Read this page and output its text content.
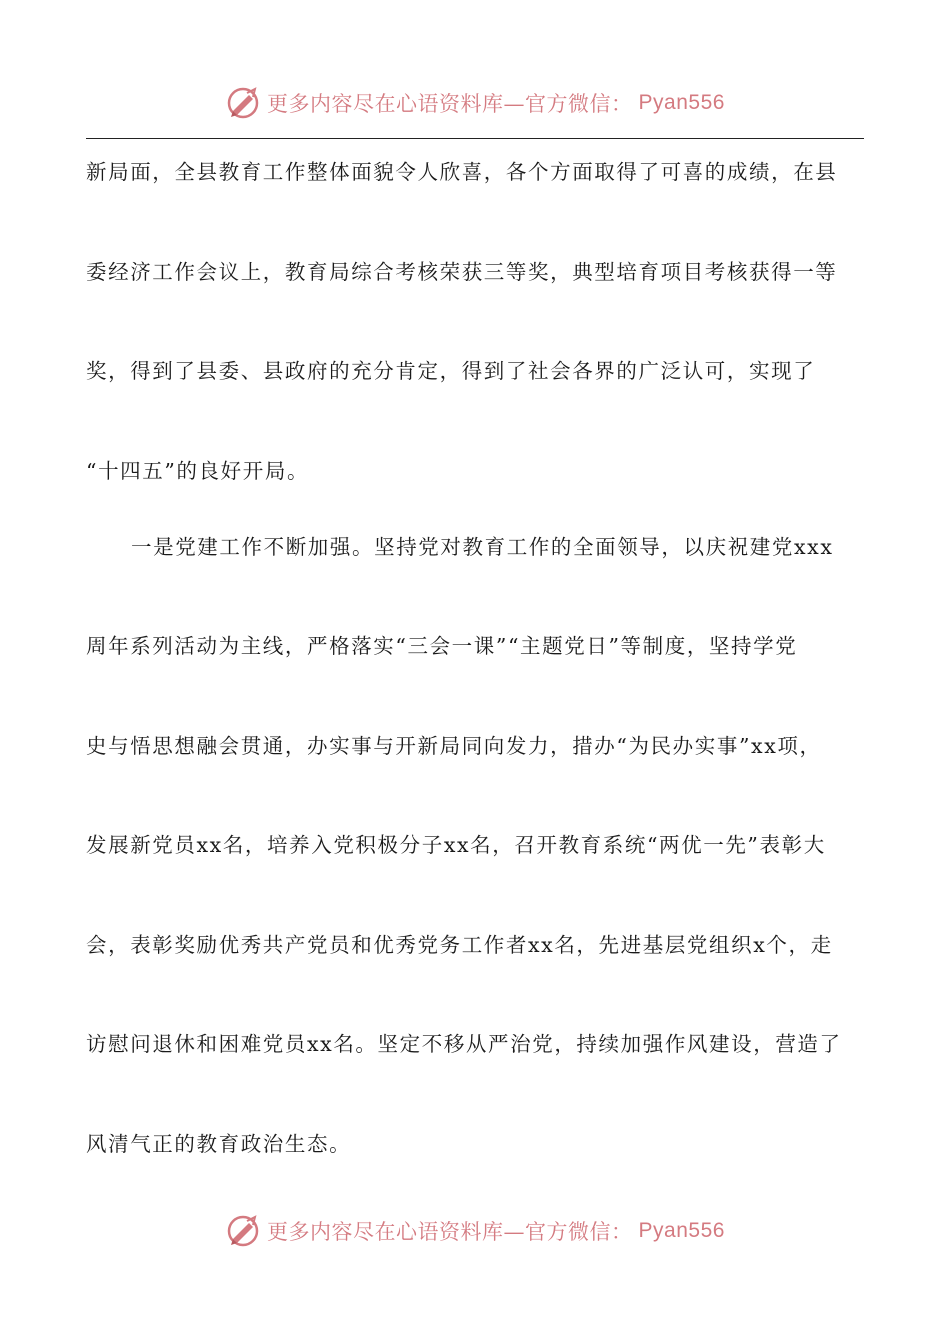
更多内容尽在心语资料库—官方微信： Pyan556
新局面，全县教育工作整体面貌令人欣喜，各个方面取得了可喜的成绩，在县
委经济工作会议上，教育局综合考核荣获三等奖，典型培育项目考核获得一等
奖，得到了县委、县政府的充分肯定，得到了社会各界的广泛认可，实现了
“十四五”的良好开局。
一是党建工作不断加强。坚持党对教育工作的全面领导，以庆祝建党xxx
周年系列活动为主线，严格落实“三会一课”“主题党日”等制度，坚持学党
史与悟思想融会贯通，办实事与开新局同向发力，措办“为民办实事”xx项，
发展新党员xx名，培养入党积极分子xx名，召开教育系统“两优一先”表彰大
会，表彰奖励优秀共产党员和优秀党务工作者xx名，先进基层党组织x个，走
访慰问退休和困难党员xx名。坚定不移从严治党，持续加强作风建设，营造了
风清气正的教育政治生态。
更多内容尽在心语资料库—官方微信： Pyan556
